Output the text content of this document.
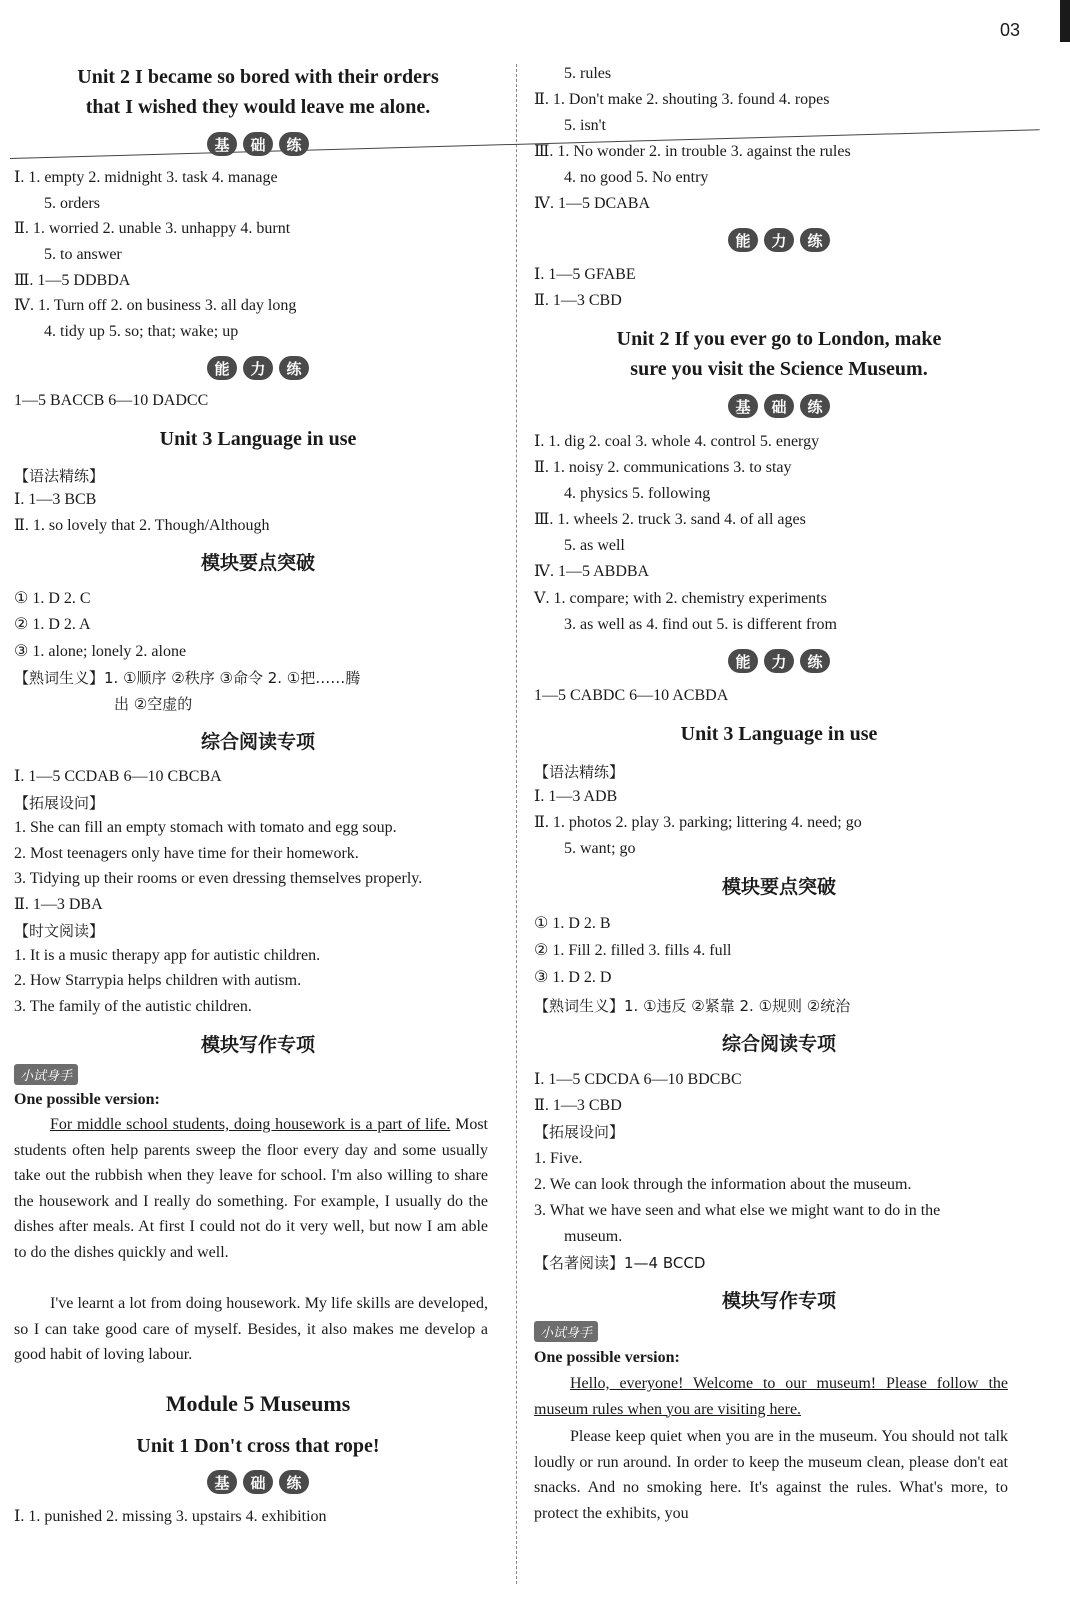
03
Unit 2 I became so bored with their orders
that I wished they would leave me alone.
基	础	练
Ⅰ. 1. empty 2. midnight 3. task 4. manage
5. orders
Ⅱ. 1. worried 2. unable 3. unhappy 4. burnt
5. to answer
Ⅲ. 1—5 DDBDA
Ⅳ. 1. Turn off 2. on business 3. all day long
4. tidy up 5. so; that; wake; up
能	力	练
1—5 BACCB 6—10 DADCC
Unit 3 Language in use
【语法精练】
Ⅰ. 1—3 BCB
Ⅱ. 1. so lovely that 2. Though/Although
模块要点突破
① 1. D 2. C
② 1. D 2. A
③ 1. alone; lonely 2. alone
【熟词生义】1. ①顺序 ②秩序 ③命令 2. ①把……腾
出 ②空虚的
综合阅读专项
Ⅰ. 1—5 CCDAB 6—10 CBCBA
【拓展设问】
1. She can fill an empty stomach with tomato and egg soup.
2. Most teenagers only have time for their homework.
3. Tidying up their rooms or even dressing themselves properly.
Ⅱ. 1—3 DBA
【时文阅读】
1. It is a music therapy app for autistic children.
2. How Starrypia helps children with autism.
3. The family of the autistic children.
模块写作专项
小试身手
One possible version:
For middle school students, doing housework is a part of life. Most students often help parents sweep the floor every day and some usually take out the rubbish when they leave for school. I'm also willing to share the housework and I really do something. For example, I usually do the dishes after meals. At first I could not do it very well, but now I am able to do the dishes quickly and well.
I've learnt a lot from doing housework. My life skills are developed, so I can take good care of myself. Besides, it also makes me develop a good habit of loving labour.
Module 5 Museums
Unit 1 Don't cross that rope!
基	础	练
Ⅰ. 1. punished 2. missing 3. upstairs 4. exhibition
5. rules
Ⅱ. 1. Don't make 2. shouting 3. found 4. ropes
5. isn't
Ⅲ. 1. No wonder 2. in trouble 3. against the rules
4. no good 5. No entry
Ⅳ. 1—5 DCABA
能	力	练
Ⅰ. 1—5 GFABE
Ⅱ. 1—3 CBD
Unit 2 If you ever go to London, make
sure you visit the Science Museum.
基	础	练
Ⅰ. 1. dig 2. coal 3. whole 4. control 5. energy
Ⅱ. 1. noisy 2. communications 3. to stay
4. physics 5. following
Ⅲ. 1. wheels 2. truck 3. sand 4. of all ages
5. as well
Ⅳ. 1—5 ABDBA
Ⅴ. 1. compare; with 2. chemistry experiments
3. as well as 4. find out 5. is different from
能	力	练
1—5 CABDC 6—10 ACBDA
Unit 3 Language in use
【语法精练】
Ⅰ. 1—3 ADB
Ⅱ. 1. photos 2. play 3. parking; littering 4. need; go
5. want; go
模块要点突破
① 1. D 2. B
② 1. Fill 2. filled 3. fills 4. full
③ 1. D 2. D
【熟词生义】1. ①违反 ②紧靠 2. ①规则 ②统治
综合阅读专项
Ⅰ. 1—5 CDCDA 6—10 BDCBC
Ⅱ. 1—3 CBD
【拓展设问】
1. Five.
2. We can look through the information about the museum.
3. What we have seen and what else we might want to do in the
museum.
【名著阅读】1—4 BCCD
模块写作专项
小试身手
One possible version:
Hello, everyone! Welcome to our museum! Please follow the museum rules when you are visiting here.
Please keep quiet when you are in the museum. You should not talk loudly or run around. In order to keep the museum clean, please don't eat snacks. And no smoking here. It's against the rules. What's more, to protect the exhibits, you
